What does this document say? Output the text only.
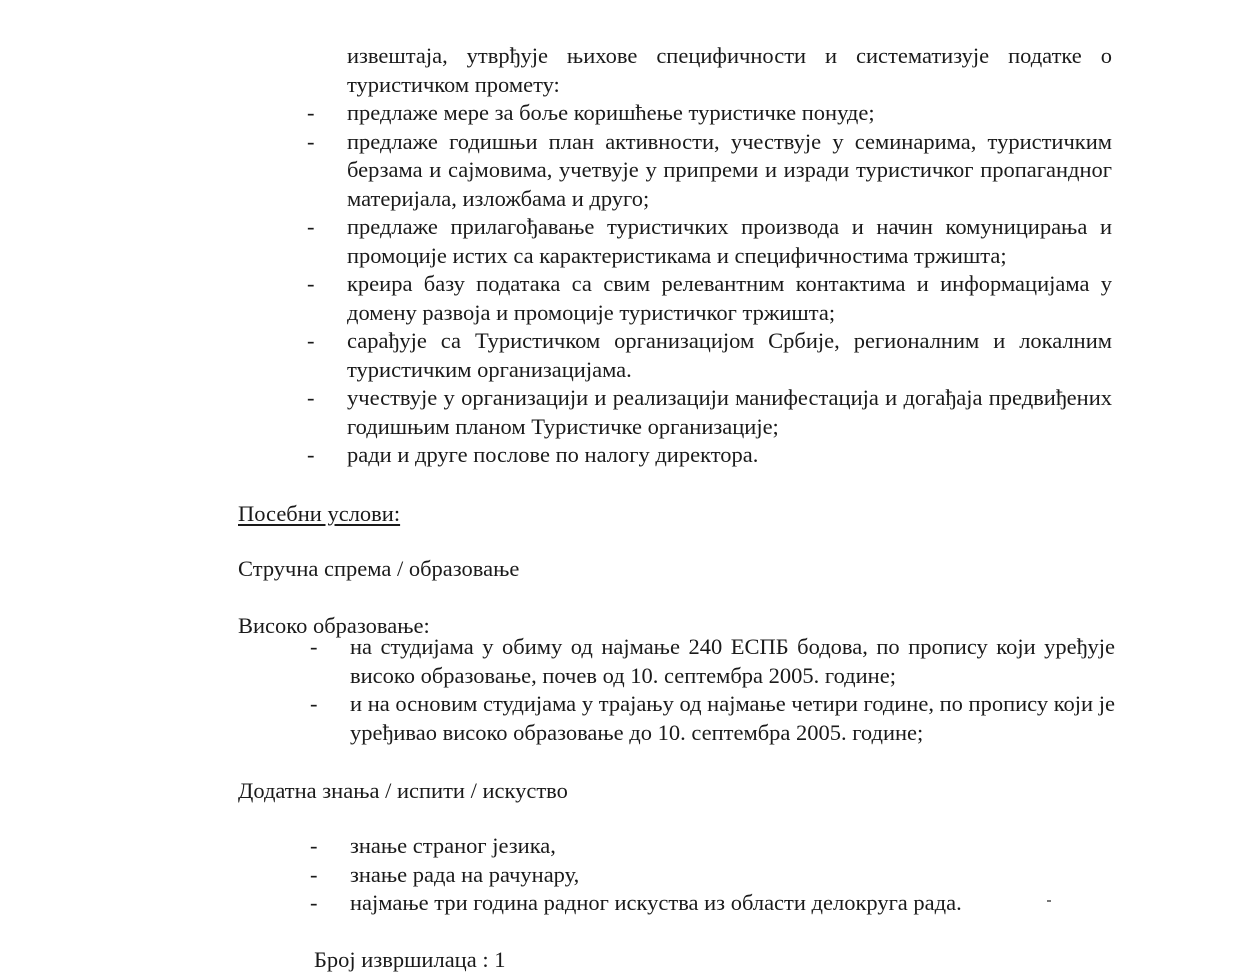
извештаја, утврђује њихове специфичности и систематизује податке о туристичком промету:
-	предлаже мере за боље коришћење туристичке понуде;
-	предлаже годишњи план активности, учествује у семинарима, туристичким берзама и сајмовима, учетвује у припреми и изради туристичког пропагандног материјала, изложбама и друго;
-	предлаже прилагођавање туристичких производа и начин комуницирања и промоције истих са карактеристикама и специфичностима тржишта;
-	креира базу података са свим релевантним контактима и информацијама у домену развоја и промоције туристичког тржишта;
-	сарађује са Туристичком организацијом Србије, регионалним и локалним туристичким организацијама.
-	учествује у организацији и реализацији манифестација и догађаја предвиђених годишњим планом Туристичке организације;
-	ради и друге послове по налогу директора.
Посебни услови:
Стручна спрема / образовање
Високо образовање:
-	на студијама у обиму од најмање 240 ЕСПБ бодова, по пропису који уређује високо образовање, почев од 10. септембра 2005. године;
-	и на основим студијама у трајању од најмање четири године, по пропису који је уређивао високо образовање до 10. септембра 2005. године;
Додатна знања / испити / искуство
-	знање страног језика,
-	знање рада на рачунару,
-	најмање три година радног искуства из области делокруга рада.
Број извршилаца : 1
